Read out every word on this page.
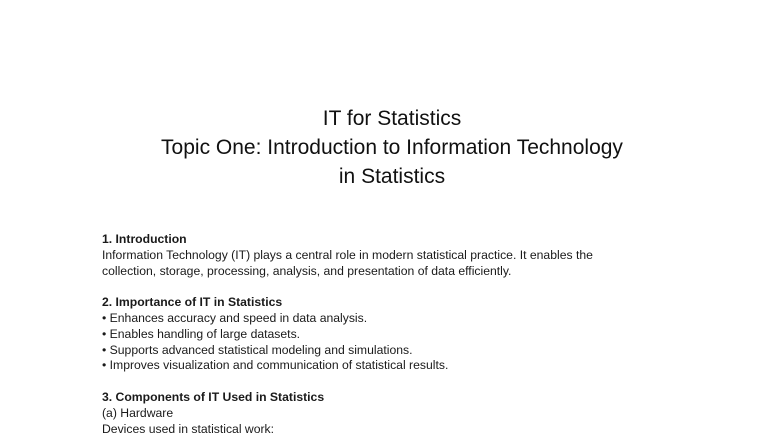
IT for Statistics
Topic One: Introduction to Information Technology
in Statistics
1. Introduction
Information Technology (IT) plays a central role in modern statistical practice. It enables the
collection, storage, processing, analysis, and presentation of data efficiently.
2. Importance of IT in Statistics
• Enhances accuracy and speed in data analysis.
• Enables handling of large datasets.
• Supports advanced statistical modeling and simulations.
• Improves visualization and communication of statistical results.
3. Components of IT Used in Statistics
(a) Hardware
Devices used in statistical work:
